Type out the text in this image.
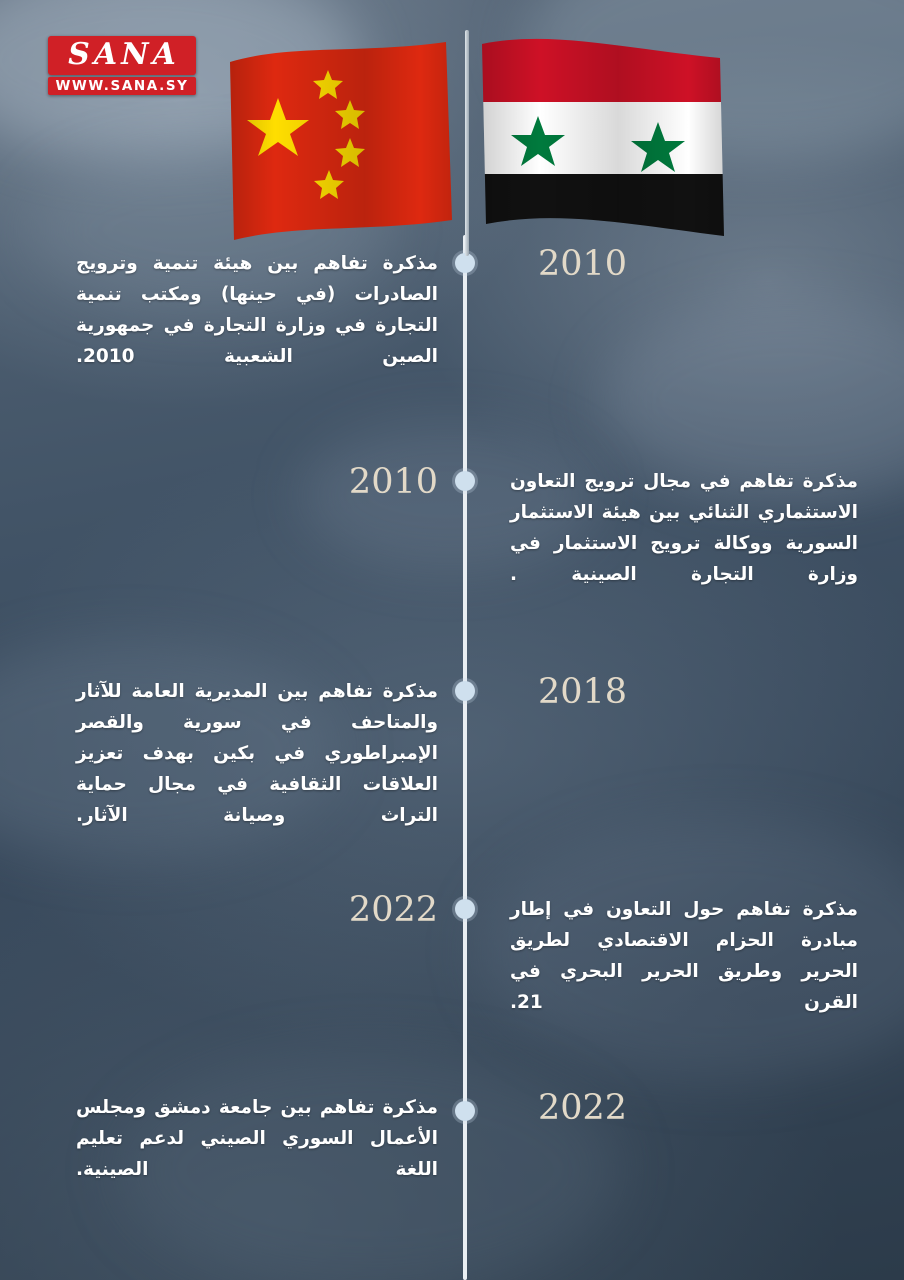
SANA
WWW.SANA.SY
2010
مذكرة تفاهم بين هيئة تنمية وترويج الصادرات (في حينها) ومكتب تنمية التجارة في وزارة التجارة في جمهورية الصين الشعبية 2010.
2010	مذكرة تفاهم في مجال ترويج التعاون الاستثماري الثنائي بين هيئة الاستثمار السورية ووكالة ترويج الاستثمار في وزارة التجارة الصينية .
2018
مذكرة تفاهم بين المديرية العامة للآثار والمتاحف في سورية والقصر الإمبراطوري في بكين بهدف تعزيز العلاقات الثقافية في مجال حماية التراث وصيانة الآثار.
2022	مذكرة تفاهم حول التعاون في إطار مبادرة الحزام الاقتصادي لطريق الحرير وطريق الحرير البحري في القرن 21.
2022
مذكرة تفاهم بين جامعة دمشق ومجلس الأعمال السوري الصيني لدعم تعليم اللغة الصينية.
